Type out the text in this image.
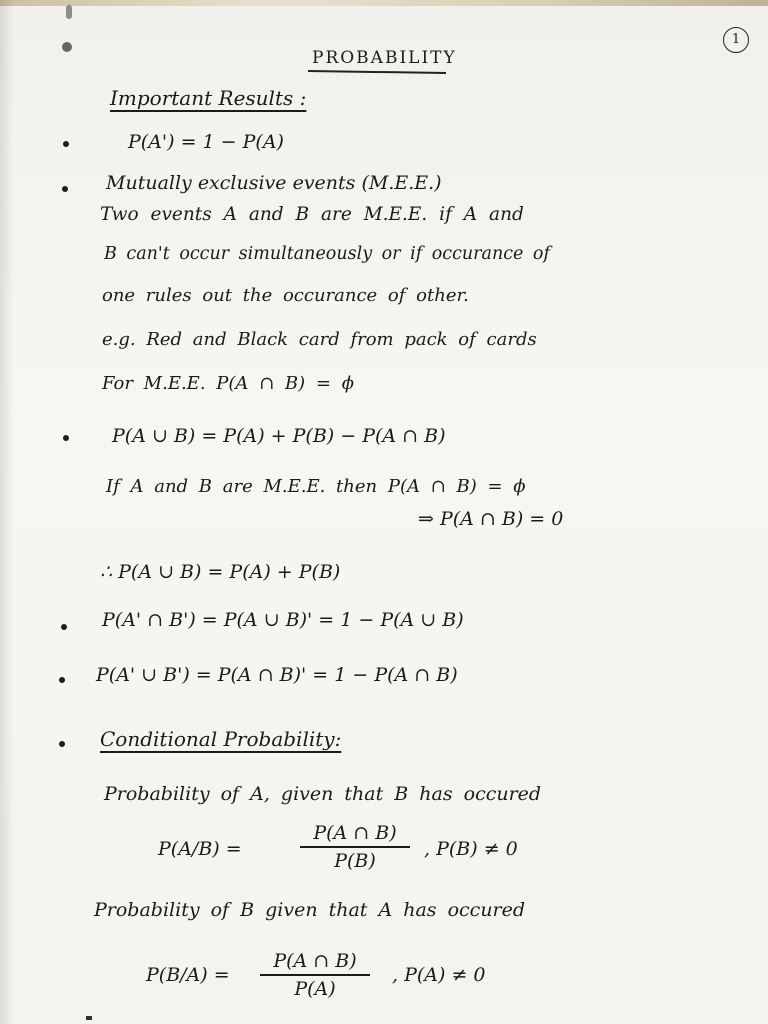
1
PROBABILITY
Important Results :
P(A') = 1 − P(A)
Mutually exclusive events (M.E.E.)
Two events A and B are M.E.E. if A and
B can't occur simultaneously or if occurance of
one rules out the occurance of other.
e.g. Red and Black card from pack of cards
For M.E.E. P(A ∩ B) = ϕ
P(A ∪ B) = P(A) + P(B) − P(A ∩ B)
If A and B are M.E.E. then P(A ∩ B) = ϕ
⇒ P(A ∩ B) = 0
∴ P(A ∪ B) = P(A) + P(B)
P(A' ∩ B') = P(A ∪ B)' = 1 − P(A ∪ B)
P(A' ∪ B') = P(A ∩ B)' = 1 − P(A ∩ B)
Conditional Probability:
Probability of A, given that B has occured
P(A/B) =
P(A ∩ B)
P(B)
, P(B) ≠ 0
Probability of B given that A has occured
P(B/A) =
P(A ∩ B)
P(A)
, P(A) ≠ 0
